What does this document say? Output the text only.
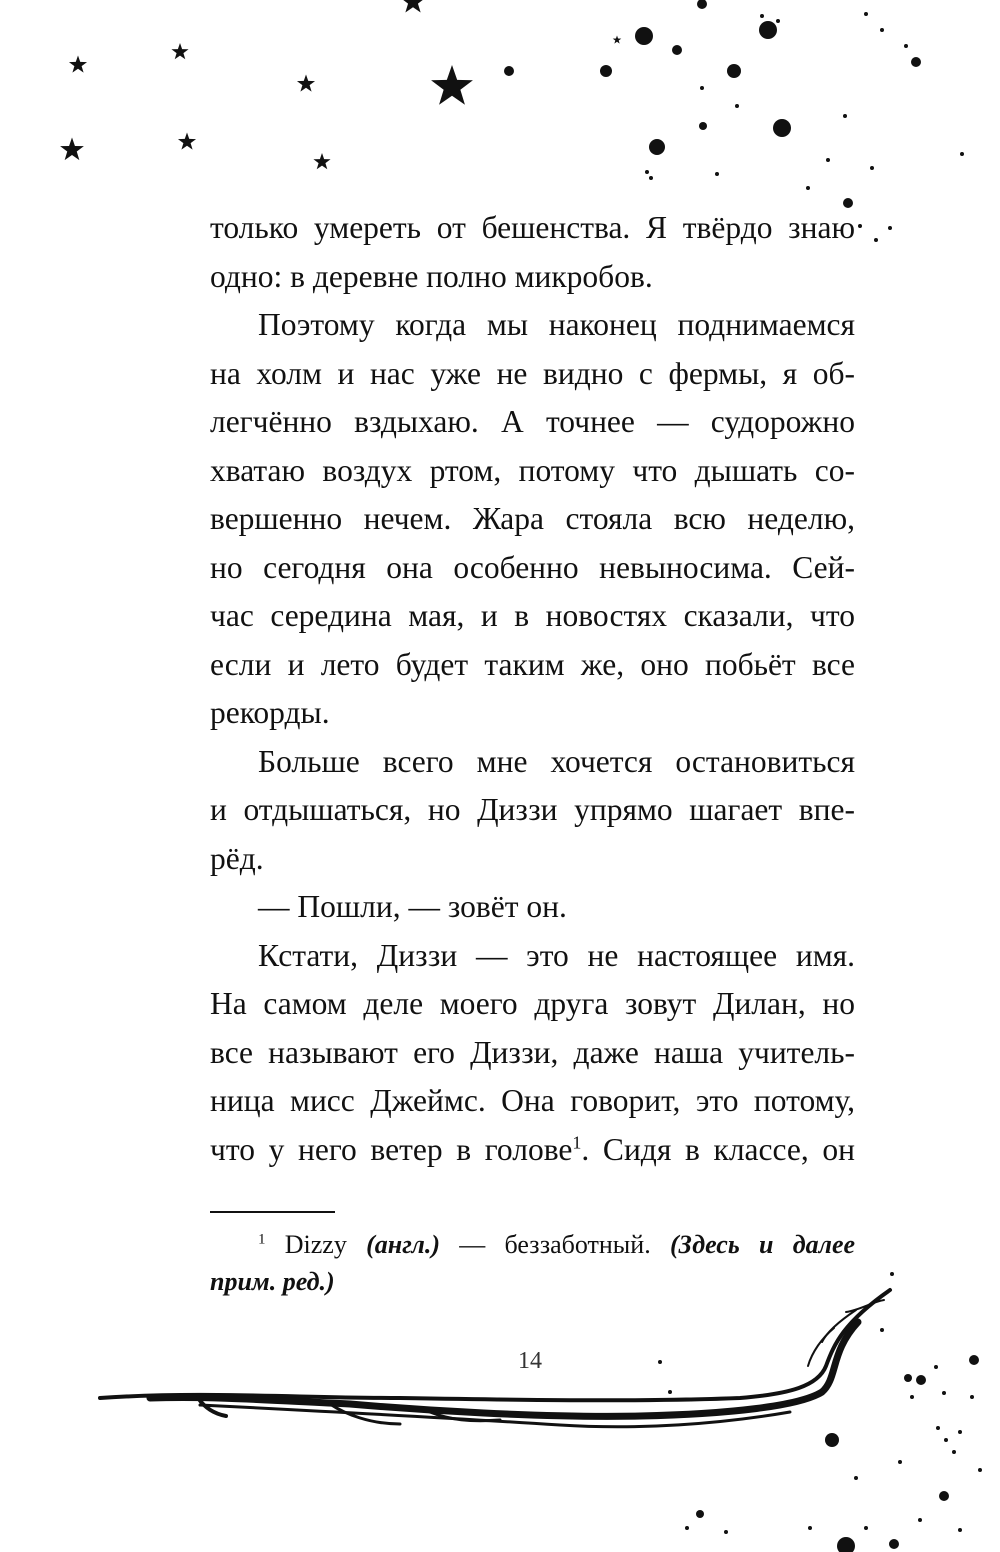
только умереть от бешенства. Я твёрдо знаю
одно: в деревне полно микробов.

Поэтому когда мы наконец поднимаемся
на холм и нас уже не видно с фермы, я об-
легчённо вздыхаю. А точнее — судорожно
хватаю воздух ртом, потому что дышать со-
вершенно нечем. Жара стояла всю неделю,
но сегодня она особенно невыносима. Сей-
час середина мая, и в новостях сказали, что
если и лето будет таким же, оно побьёт все
рекорды.

Больше всего мне хочется остановиться
и отдышаться, но Диззи упрямо шагает впе-
рёд.

— Пошли, — зовёт он.

Кстати, Диззи — это не настоящее имя.
На самом деле моего друга зовут Дилан, но
все называют его Диззи, даже наша учитель-
ница мисс Джеймс. Она говорит, это потому,
что у него ветер в голове$^1$. Сидя в классе, он

$^1$ Dizzy (англ.) — беззаботный. (Здесь и далее
прим. ред.)
14
